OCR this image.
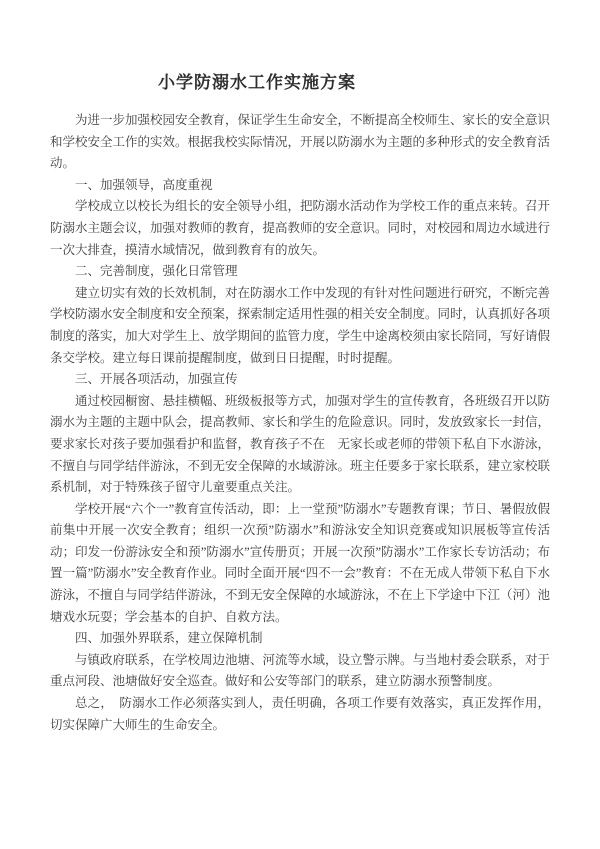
小学防溺水工作实施方案

为进一步加强校园安全教育，保证学生生命安全，不断提高全校师生、家长的安全意识和学校安全工作的实效。根据我校实际情况，开展以防溺水为主题的多种形式的安全教育活动。

一、加强领导，高度重视

学校成立以校长为组长的安全领导小组，把防溺水活动作为学校工作的重点来转。召开防溺水主题会议，加强对教师的教育，提高教师的安全意识。同时，对校园和周边水域进行一次大排查，摸清水域情况，做到教育有的放矢。

二、完善制度，强化日常管理

建立切实有效的长效机制，对在防溺水工作中发现的有针对性问题进行研究，不断完善学校防溺水安全制度和安全预案，探索制定适用性强的相关安全制度。同时，认真抓好各项制度的落实，加大对学生上、放学期间的监管力度，学生中途离校须由家长陪同，写好请假条交学校。建立每日课前提醒制度，做到日日提醒，时时提醒。

三、开展各项活动，加强宣传

通过校园橱窗、悬挂横幅、班级板报等方式，加强对学生的宣传教育，各班级召开以防溺水为主题的主题中队会，提高教师、家长和学生的危险意识。同时，发放致家长一封信，要求家长对孩子要加强看护和监督，教育孩子不在　无家长或老师的带领下私自下水游泳，不擅自与同学结伴游泳，不到无安全保障的水域游泳。班主任要多于家长联系，建立家校联系机制，对于特殊孩子留守儿童要重点关注。

学校开展“六个一”教育宣传活动，即：上一堂预”防溺水”专题教育课；节日、暑假放假前集中开展一次安全教育；组织一次预”防溺水”和游泳安全知识竞赛或知识展板等宣传活动；印发一份游泳安全和预”防溺水”宣传册页；开展一次预”防溺水”工作家长专访活动；布置一篇”防溺水”安全教育作业。同时全面开展“四不一会”教育：不在无成人带领下私自下水游泳，不擅自与同学结伴游泳，不到无安全保障的水域游泳，不在上下学途中下江（河）池塘戏水玩耍；学会基本的自护、自救方法。

四、加强外界联系，建立保障机制

与镇政府联系，在学校周边池塘、河流等水域，设立警示牌。与当地村委会联系，对于重点河段、池塘做好安全巡查。做好和公安等部门的联系，建立防溺水预警制度。

总之，　防溺水工作必须落实到人，责任明确，各项工作要有效落实，真正发挥作用，切实保障广大师生的生命安全。
